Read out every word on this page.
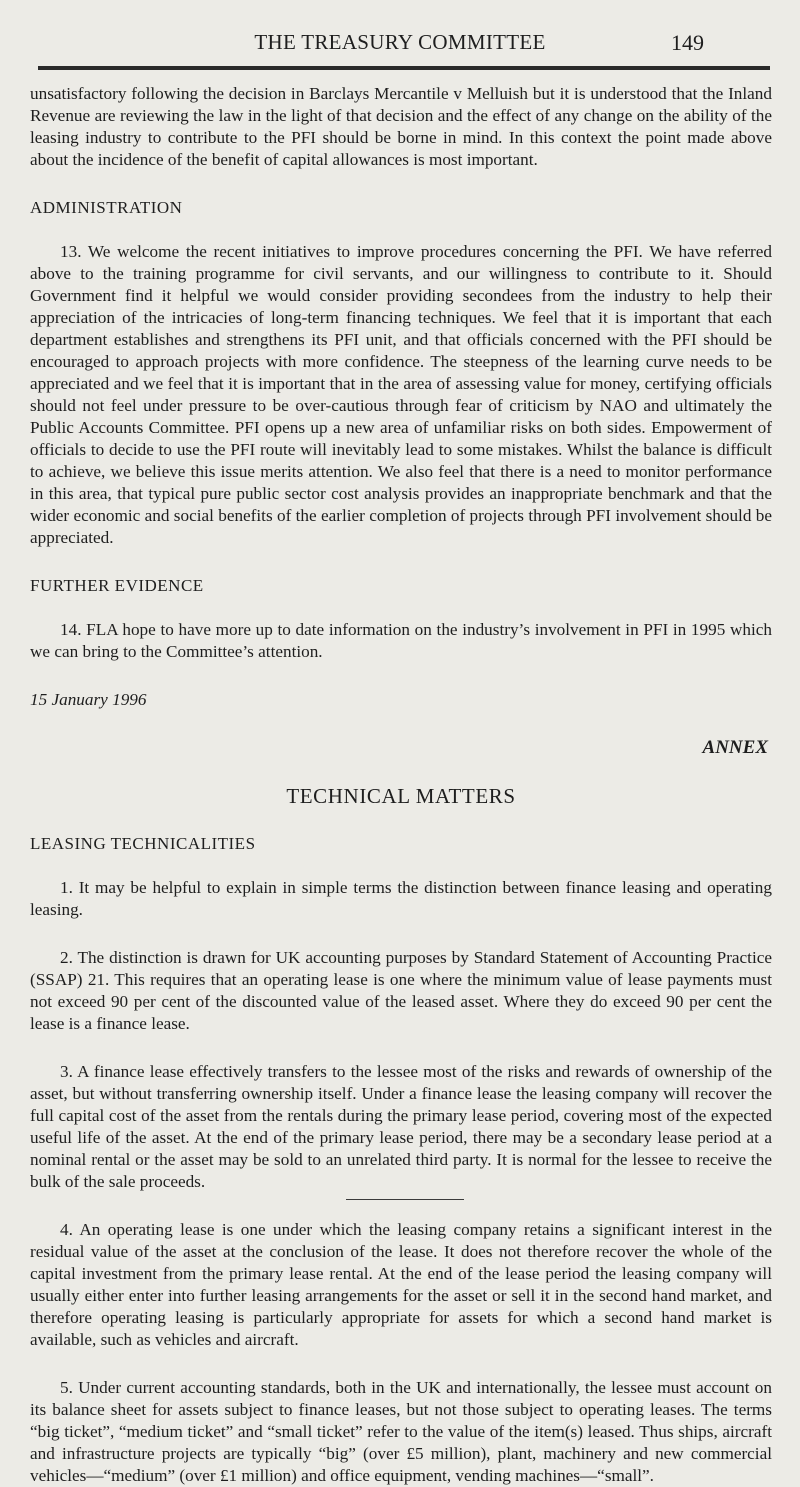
THE TREASURY COMMITTEE	149

unsatisfactory following the decision in Barclays Mercantile v Melluish but it is understood that the Inland Revenue are reviewing the law in the light of that decision and the effect of any change on the ability of the leasing industry to contribute to the PFI should be borne in mind. In this context the point made above about the incidence of the benefit of capital allowances is most important.

ADMINISTRATION

13. We welcome the recent initiatives to improve procedures concerning the PFI. We have referred above to the training programme for civil servants, and our willingness to contribute to it. Should Government find it helpful we would consider providing secondees from the industry to help their appreciation of the intricacies of long-term financing techniques. We feel that it is important that each department establishes and strengthens its PFI unit, and that officials concerned with the PFI should be encouraged to approach projects with more confidence. The steepness of the learning curve needs to be appreciated and we feel that it is important that in the area of assessing value for money, certifying officials should not feel under pressure to be over-cautious through fear of criticism by NAO and ultimately the Public Accounts Committee. PFI opens up a new area of unfamiliar risks on both sides. Empowerment of officials to decide to use the PFI route will inevitably lead to some mistakes. Whilst the balance is difficult to achieve, we believe this issue merits attention. We also feel that there is a need to monitor performance in this area, that typical pure public sector cost analysis provides an inappropriate benchmark and that the wider economic and social benefits of the earlier completion of projects through PFI involvement should be appreciated.

FURTHER EVIDENCE

14. FLA hope to have more up to date information on the industry’s involvement in PFI in 1995 which we can bring to the Committee’s attention.

15 January 1996

ANNEX

TECHNICAL MATTERS

LEASING TECHNICALITIES

1. It may be helpful to explain in simple terms the distinction between finance leasing and operating leasing.

2. The distinction is drawn for UK accounting purposes by Standard Statement of Accounting Practice (SSAP) 21. This requires that an operating lease is one where the minimum value of lease payments must not exceed 90 per cent of the discounted value of the leased asset. Where they do exceed 90 per cent the lease is a finance lease.

3. A finance lease effectively transfers to the lessee most of the risks and rewards of ownership of the asset, but without transferring ownership itself. Under a finance lease the leasing company will recover the full capital cost of the asset from the rentals during the primary lease period, covering most of the expected useful life of the asset. At the end of the primary lease period, there may be a secondary lease period at a nominal rental or the asset may be sold to an unrelated third party. It is normal for the lessee to receive the bulk of the sale proceeds.

4. An operating lease is one under which the leasing company retains a significant interest in the residual value of the asset at the conclusion of the lease. It does not therefore recover the whole of the capital investment from the primary lease rental. At the end of the lease period the leasing company will usually either enter into further leasing arrangements for the asset or sell it in the second hand market, and therefore operating leasing is particularly appropriate for assets for which a second hand market is available, such as vehicles and aircraft.

5. Under current accounting standards, both in the UK and internationally, the lessee must account on its balance sheet for assets subject to finance leases, but not those subject to operating leases. The terms “big ticket”, “medium ticket” and “small ticket” refer to the value of the item(s) leased. Thus ships, aircraft and infrastructure projects are typically “big” (over £5 million), plant, machinery and new commercial vehicles—“medium” (over £1 million) and office equipment, vending machines—“small”.
